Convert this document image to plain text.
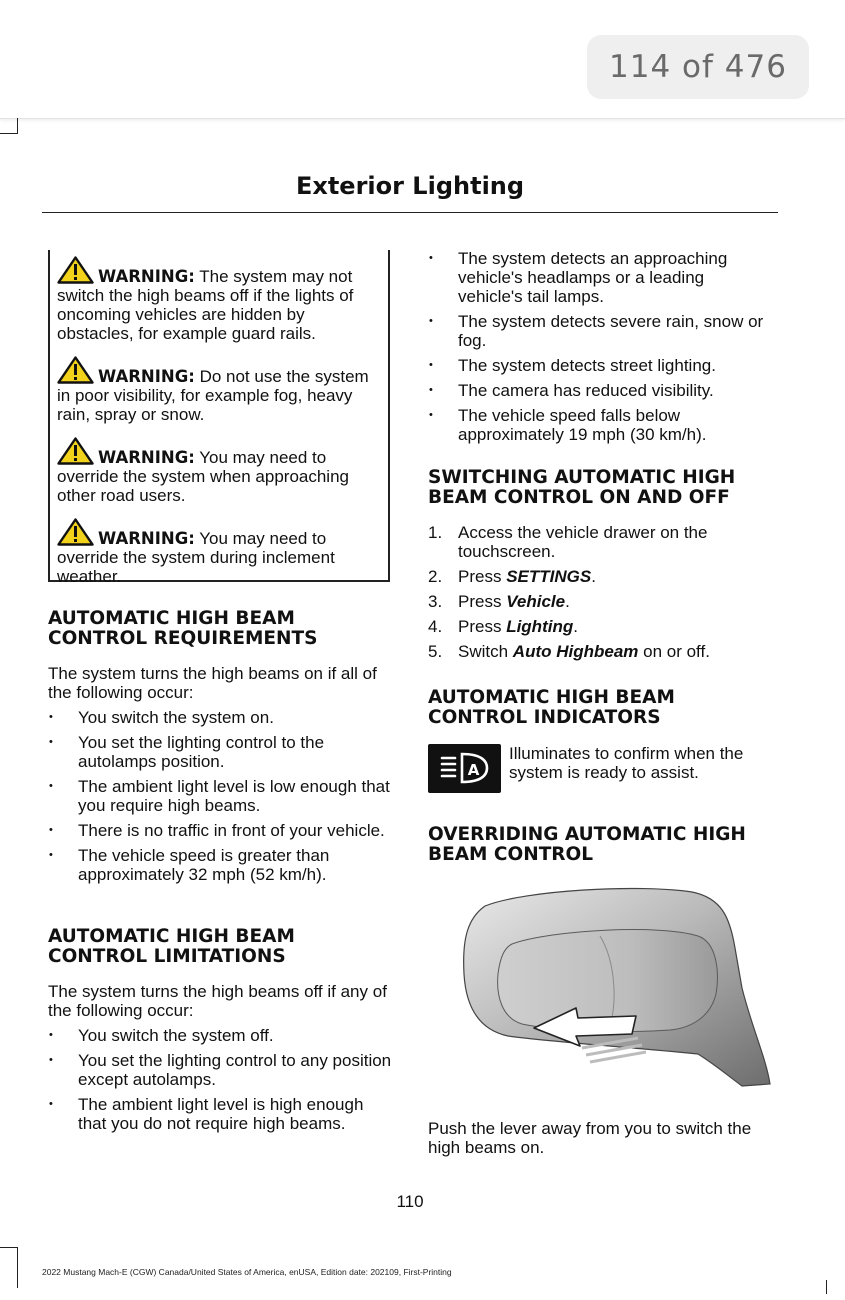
114 of 476
Exterior Lighting
WARNING: The system may not switch the high beams off if the lights of oncoming vehicles are hidden by obstacles, for example guard rails.
WARNING: Do not use the system in poor visibility, for example fog, heavy rain, spray or snow.
WARNING: You may need to override the system when approaching other road users.
WARNING: You may need to override the system during inclement weather.
AUTOMATIC HIGH BEAM CONTROL REQUIREMENTS
The system turns the high beams on if all of the following occur:
• You switch the system on.
• You set the lighting control to the autolamps position.
• The ambient light level is low enough that you require high beams.
• There is no traffic in front of your vehicle.
• The vehicle speed is greater than approximately 32 mph (52 km/h).
AUTOMATIC HIGH BEAM CONTROL LIMITATIONS
The system turns the high beams off if any of the following occur:
• You switch the system off.
• You set the lighting control to any position except autolamps.
• The ambient light level is high enough that you do not require high beams.
• The system detects an approaching vehicle's headlamps or a leading vehicle's tail lamps.
• The system detects severe rain, snow or fog.
• The system detects street lighting.
• The camera has reduced visibility.
• The vehicle speed falls below approximately 19 mph (30 km/h).
SWITCHING AUTOMATIC HIGH BEAM CONTROL ON AND OFF
1. Access the vehicle drawer on the touchscreen.
2. Press SETTINGS.
3. Press Vehicle.
4. Press Lighting.
5. Switch Auto Highbeam on or off.
AUTOMATIC HIGH BEAM CONTROL INDICATORS
A
Illuminates to confirm when the system is ready to assist.
OVERRIDING AUTOMATIC HIGH BEAM CONTROL
Push the lever away from you to switch the high beams on.
110
2022 Mustang Mach-E (CGW) Canada/United States of America, enUSA, Edition date: 202109, First-Printing
